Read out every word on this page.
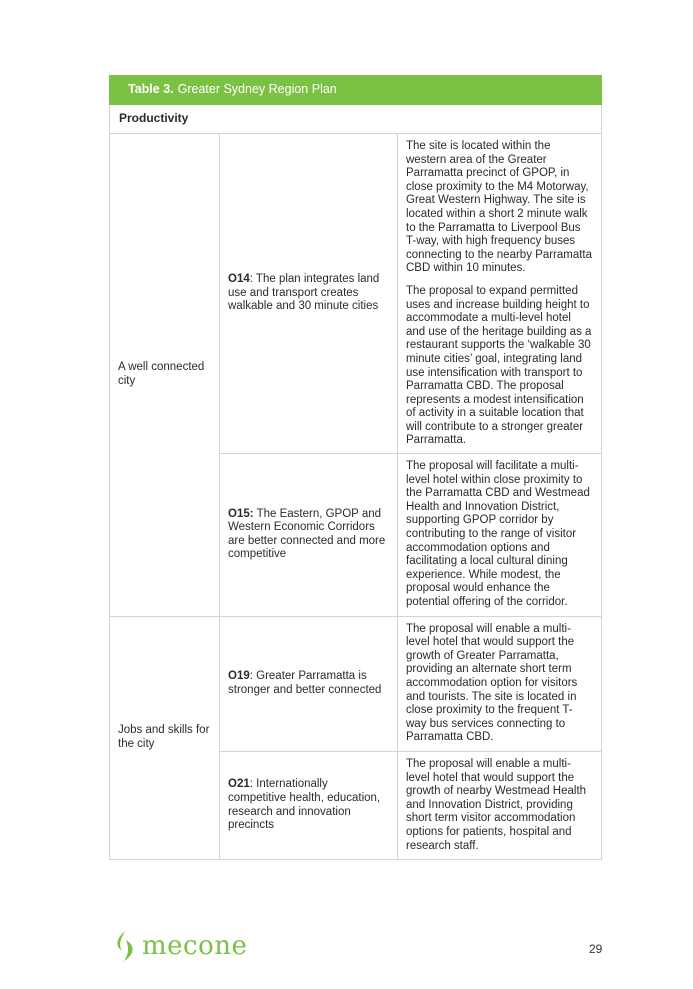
Table 3. Greater Sydney Region Plan		
Productivity		
A well connected city	O14: The plan integrates land use and transport creates walkable and 30 minute cities	The site is located within the western area of the Greater Parramatta precinct of GPOP, in close proximity to the M4 Motorway, Great Western Highway. The site is located within a short 2 minute walk to the Parramatta to Liverpool Bus T-way, with high frequency buses connecting to the nearby Parramatta CBD within 10 minutes.

The proposal to expand permitted uses and increase building height to accommodate a multi-level hotel and use of the heritage building as a restaurant supports the ‘walkable 30 minute cities’ goal, integrating land use intensification with transport to Parramatta CBD. The proposal represents a modest intensification of activity in a suitable location that will contribute to a stronger greater Parramatta.

	O15: The Eastern, GPOP and Western Economic Corridors are better connected and more competitive	The proposal will facilitate a multi-level hotel within close proximity to the Parramatta CBD and Westmead Health and Innovation District, supporting GPOP corridor by contributing to the range of visitor accommodation options and facilitating a local cultural dining experience. While modest, the proposal would enhance the potential offering of the corridor.

Jobs and skills for the city	O19: Greater Parramatta is stronger and better connected	The proposal will enable a multi-level hotel that would support the growth of Greater Parramatta, providing an alternate short term accommodation option for visitors and tourists. The site is located in close proximity to the frequent T-way bus services connecting to Parramatta CBD.

	O21: Internationally competitive health, education, research and innovation precincts	The proposal will enable a multi-level hotel that would support the growth of nearby Westmead Health and Innovation District, providing short term visitor accommodation options for patients, hospital and research staff.

mecone	29
